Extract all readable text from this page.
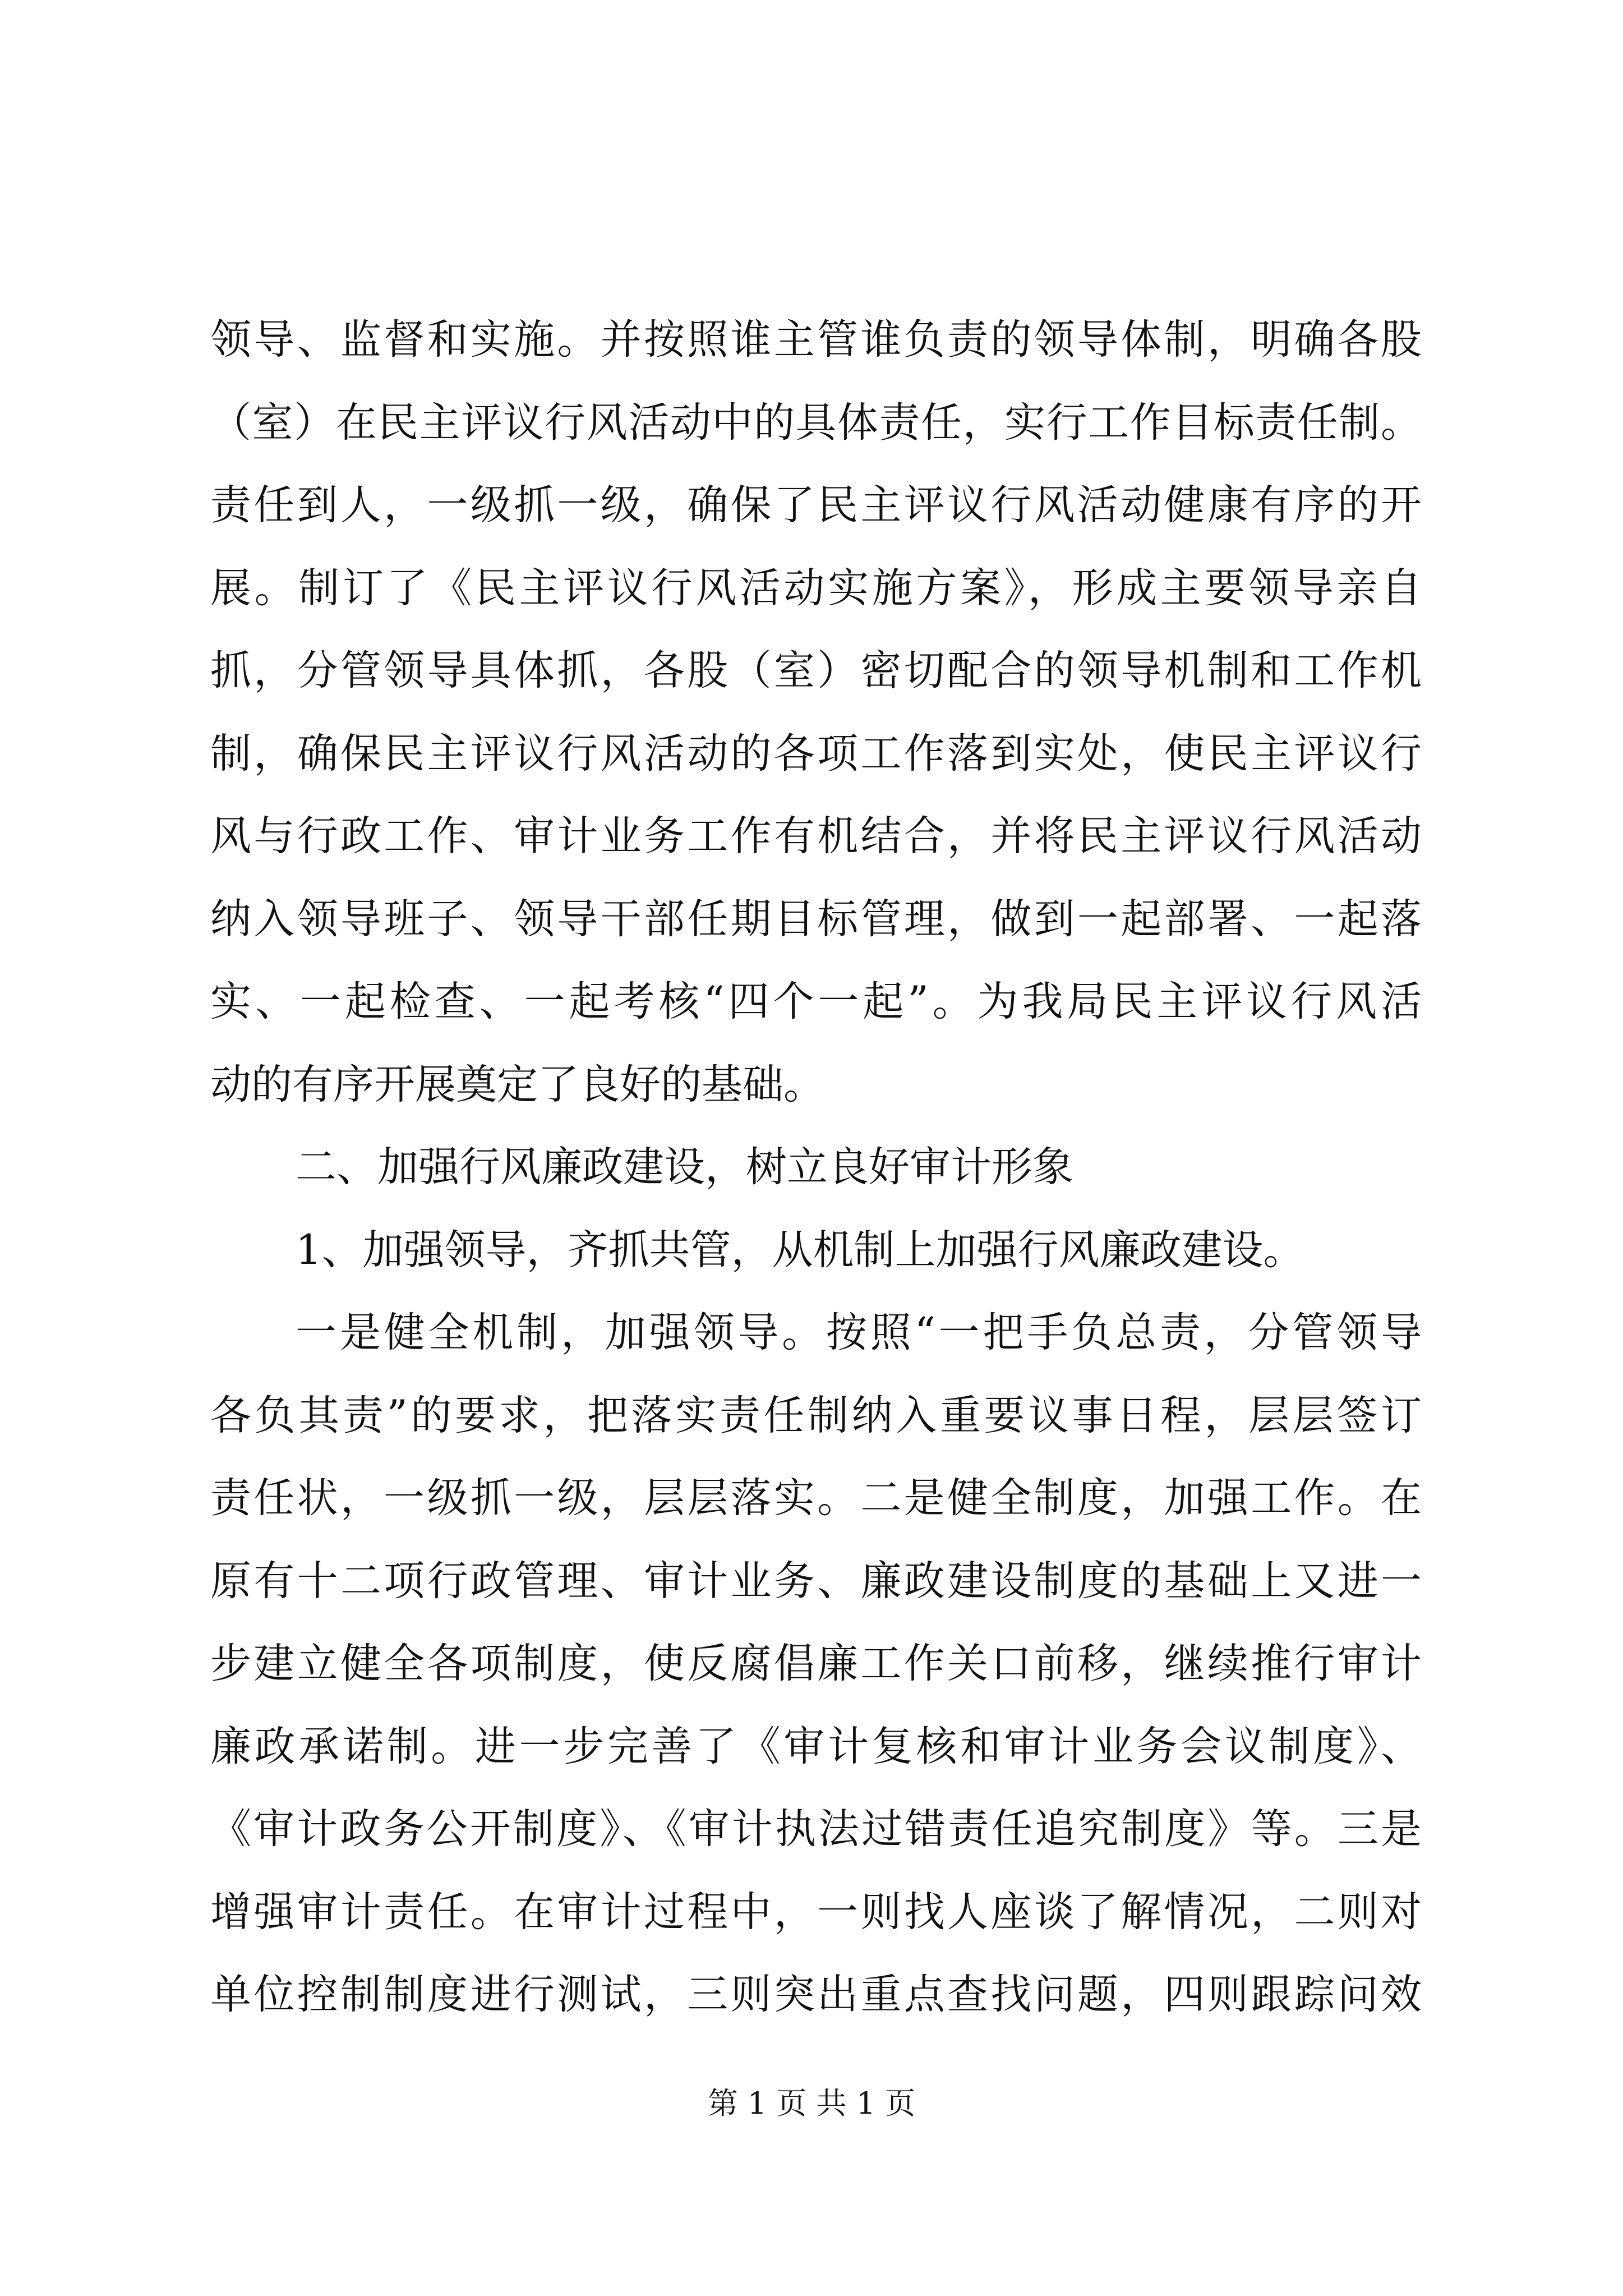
领导、监督和实施。并按照谁主管谁负责的领导体制，明确各股
（室）在民主评议行风活动中的具体责任，实行工作目标责任制。
责任到人，一级抓一级，确保了民主评议行风活动健康有序的开
展。制订了《民主评议行风活动实施方案》，形成主要领导亲自
抓，分管领导具体抓，各股（室）密切配合的领导机制和工作机
制，确保民主评议行风活动的各项工作落到实处，使民主评议行
风与行政工作、审计业务工作有机结合，并将民主评议行风活动
纳入领导班子、领导干部任期目标管理，做到一起部署、一起落
实、一起检查、一起考核“四个一起”。为我局民主评议行风活
动的有序开展奠定了良好的基础。
二、加强行风廉政建设，树立良好审计形象
1、加强领导，齐抓共管，从机制上加强行风廉政建设。
一是健全机制，加强领导。按照“一把手负总责，分管领导
各负其责”的要求，把落实责任制纳入重要议事日程，层层签订
责任状，一级抓一级，层层落实。二是健全制度，加强工作。在
原有十二项行政管理、审计业务、廉政建设制度的基础上又进一
步建立健全各项制度，使反腐倡廉工作关口前移，继续推行审计
廉政承诺制。进一步完善了《审计复核和审计业务会议制度》、
《审计政务公开制度》、《审计执法过错责任追究制度》等。三是
增强审计责任。在审计过程中，一则找人座谈了解情况，二则对
单位控制制度进行测试，三则突出重点查找问题，四则跟踪问效
第 1 页 共 1 页
